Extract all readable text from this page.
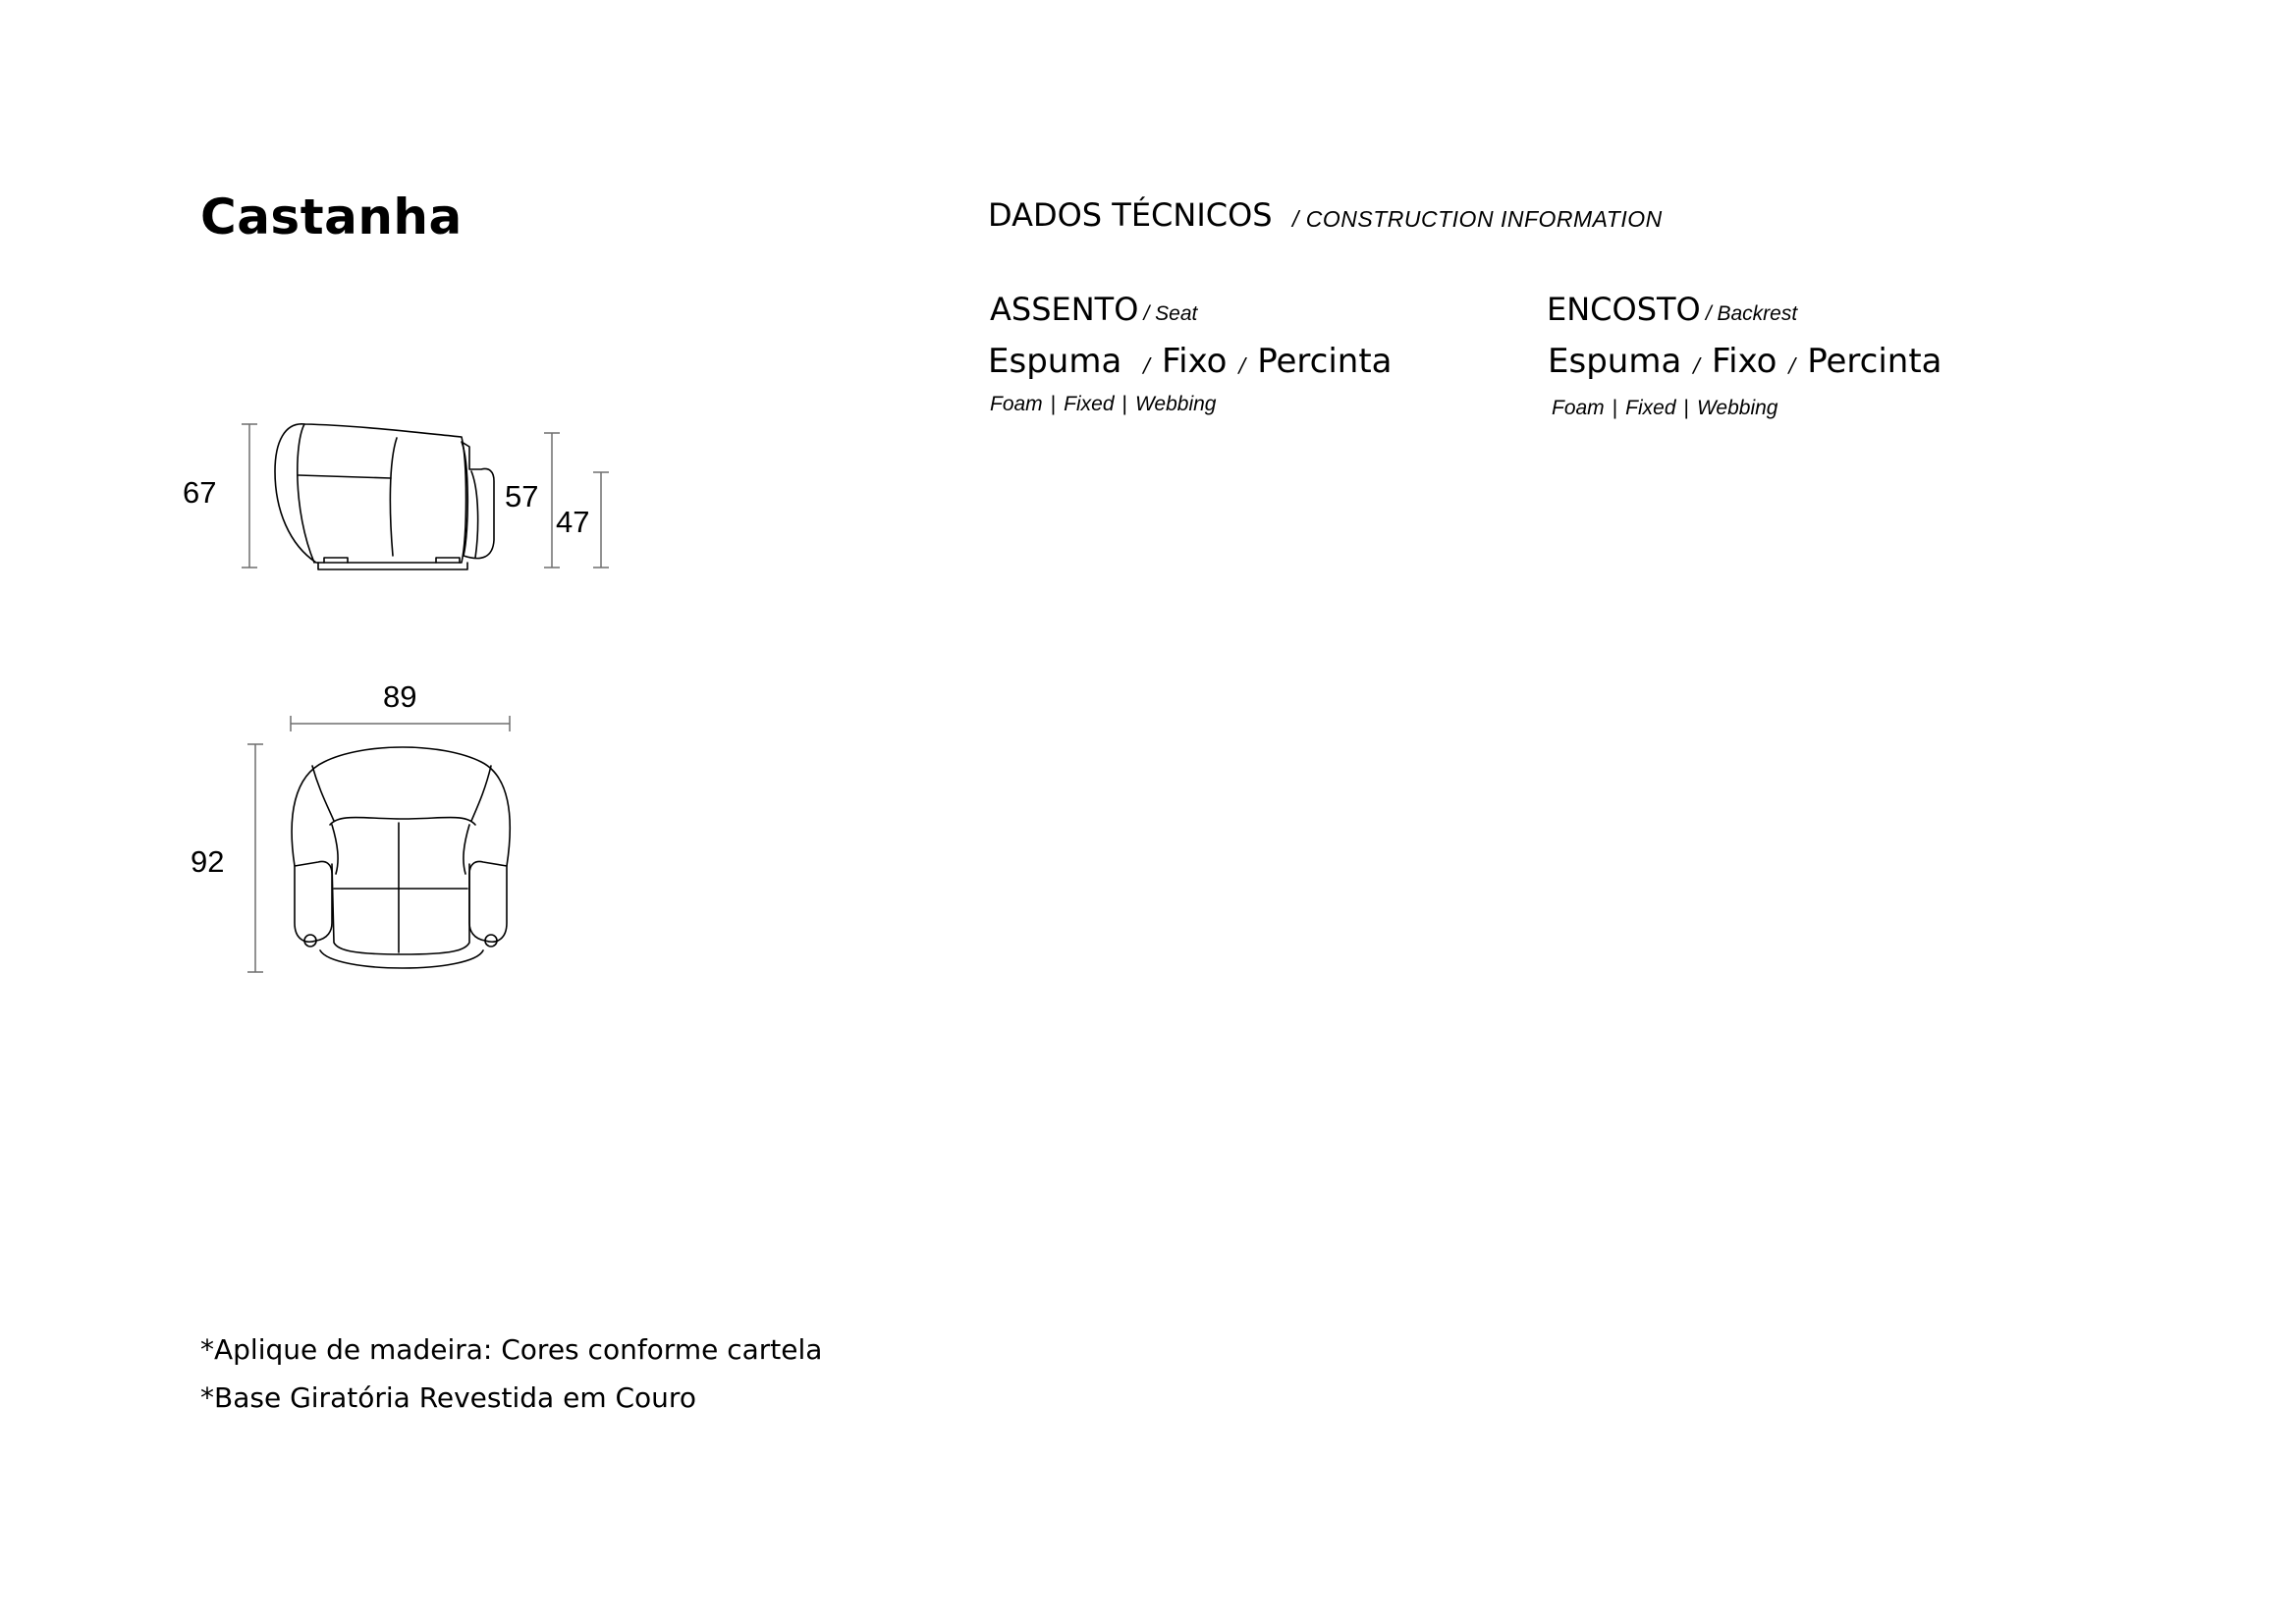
Castanha	DADOS TÉCNICOS / CONSTRUCTION INFORMATION
ASSENTO / Seat
Espuma / Fixo / Percinta
Foam | Fixed | Webbing
ENCOSTO / Backrest
Espuma / Fixo / Percinta
Foam | Fixed | Webbing
67	57
47
89
92
*Aplique de madeira: Cores conforme cartela
*Base Giratória Revestida em Couro
